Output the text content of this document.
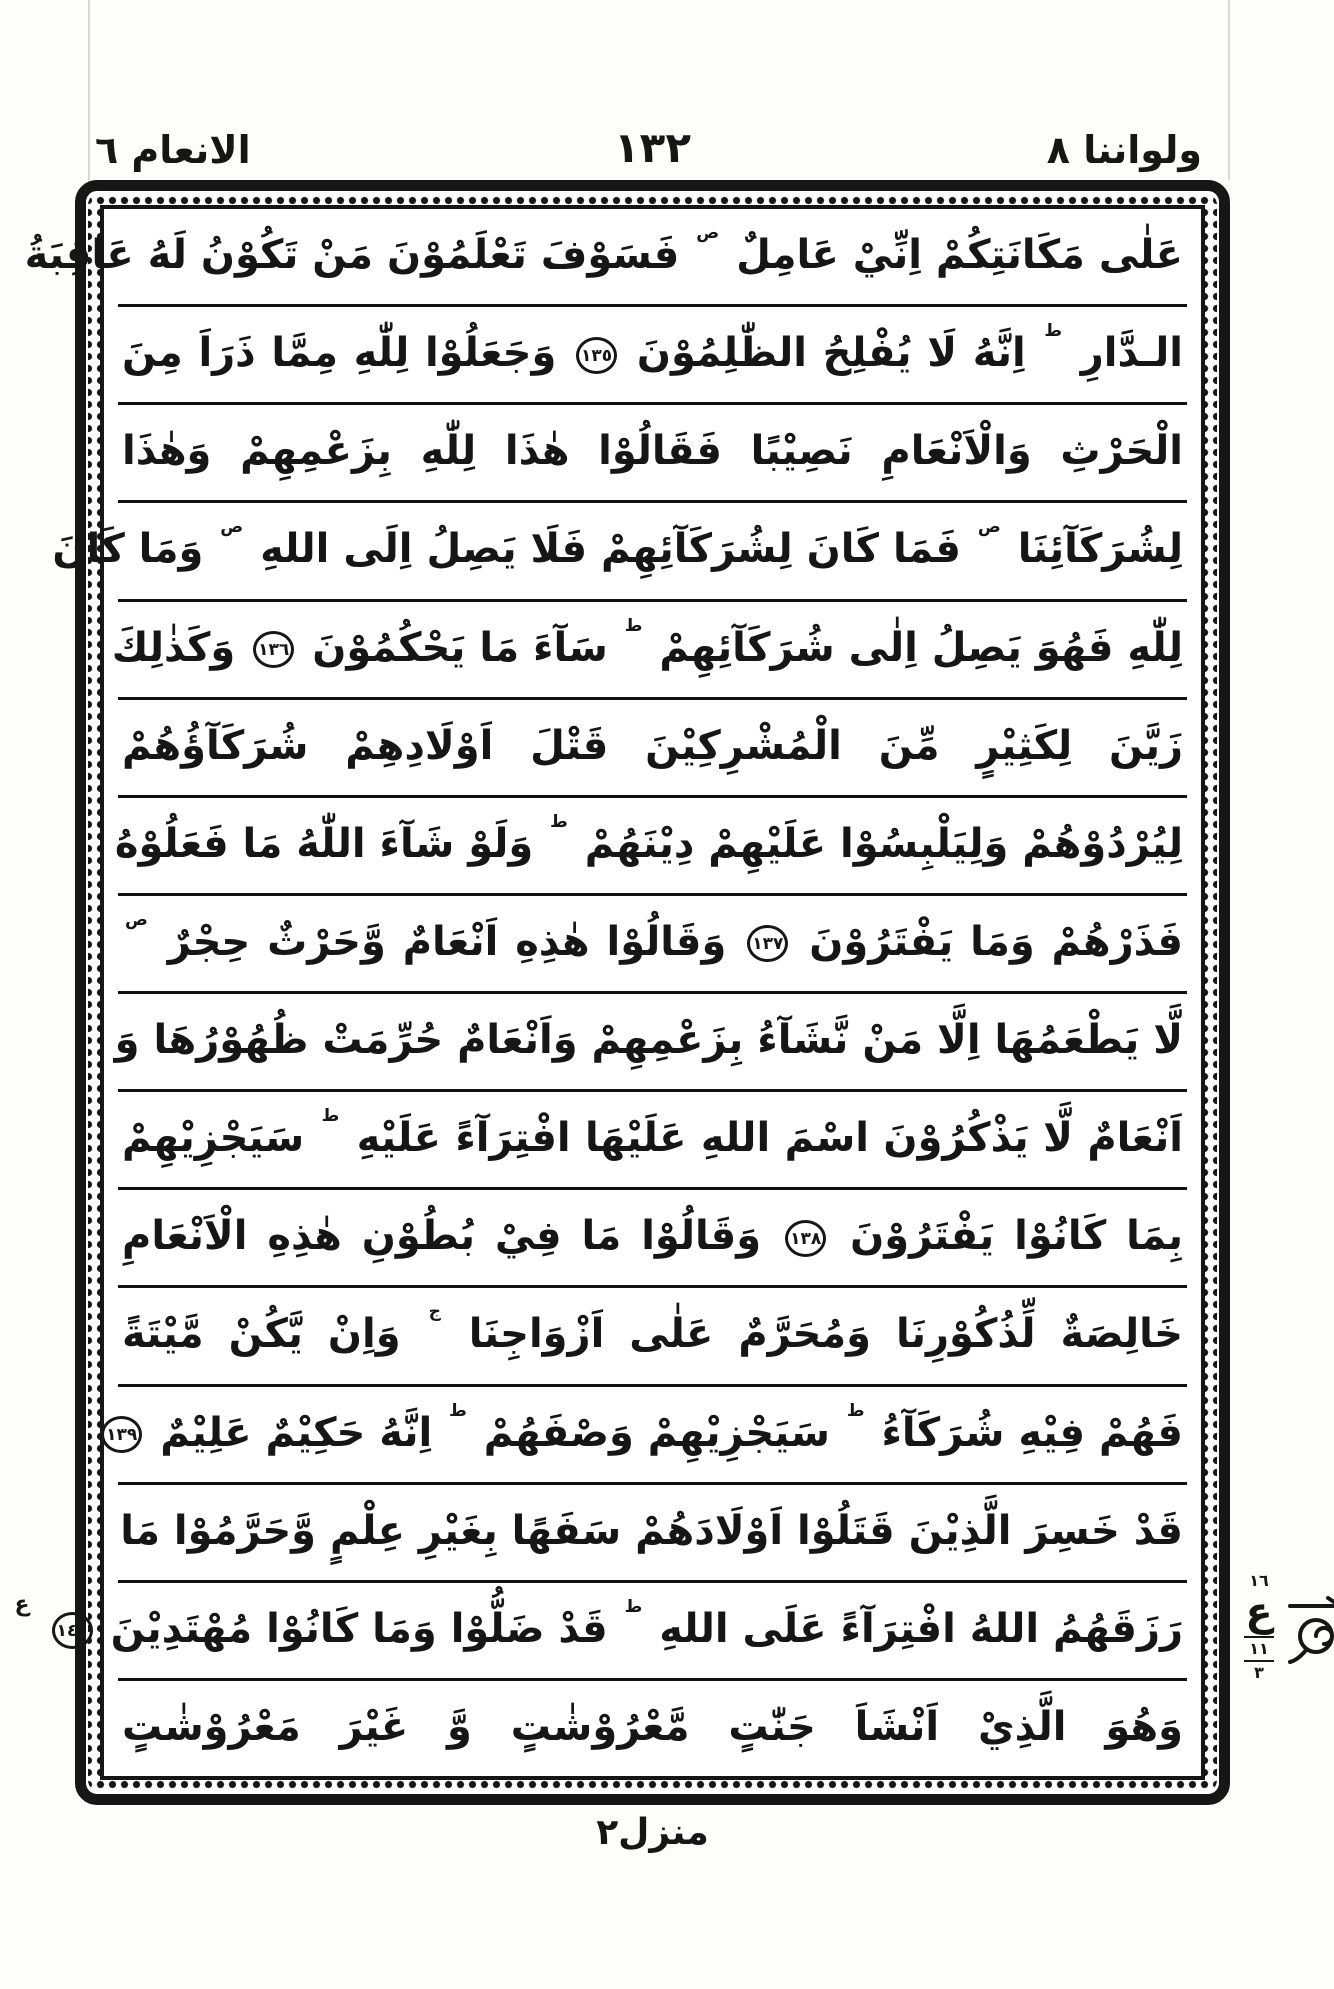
ولواننا ٨
١٣٢
الانعام ٦
عَلٰى مَكَانَتِكُمْ اِنِّيْ عَامِلٌ ص فَسَوْفَ تَعْلَمُوْنَ مَنْ تَكُوْنُ لَهُ عَاقِبَةُ
الـدَّارِ ط اِنَّهُ لَا يُفْلِحُ الظّٰلِمُوْنَ ١٣٥ وَجَعَلُوْا لِلّٰهِ مِمَّا ذَرَاَ مِنَ
الْحَرْثِ وَالْاَنْعَامِ نَصِيْبًا فَقَالُوْا هٰذَا لِلّٰهِ بِزَعْمِهِمْ وَهٰذَا
لِشُرَكَآئِنَا ص فَمَا كَانَ لِشُرَكَآئِهِمْ فَلَا يَصِلُ اِلَى اللهِ ص وَمَا كَانَ
لِلّٰهِ فَهُوَ يَصِلُ اِلٰى شُرَكَآئِهِمْ ط سَآءَ مَا يَحْكُمُوْنَ ١٣٦ وَكَذٰلِكَ
زَيَّنَ لِكَثِيْرٍ مِّنَ الْمُشْرِكِيْنَ قَتْلَ اَوْلَادِهِمْ شُرَكَآؤُهُمْ
لِيُرْدُوْهُمْ وَلِيَلْبِسُوْا عَلَيْهِمْ دِيْنَهُمْ ط وَلَوْ شَآءَ اللّٰهُ مَا فَعَلُوْهُ
فَذَرْهُمْ وَمَا يَفْتَرُوْنَ ١٣٧ وَقَالُوْا هٰذِهِ اَنْعَامٌ وَّحَرْثٌ حِجْرٌ ص
لَّا يَطْعَمُهَا اِلَّا مَنْ نَّشَآءُ بِزَعْمِهِمْ وَاَنْعَامٌ حُرِّمَتْ ظُهُوْرُهَا وَ
اَنْعَامٌ لَّا يَذْكُرُوْنَ اسْمَ اللهِ عَلَيْهَا افْتِرَآءً عَلَيْهِ ط سَيَجْزِيْهِمْ
بِمَا كَانُوْا يَفْتَرُوْنَ ١٣٨ وَقَالُوْا مَا فِيْ بُطُوْنِ هٰذِهِ الْاَنْعَامِ
خَالِصَةٌ لِّذُكُوْرِنَا وَمُحَرَّمٌ عَلٰى اَزْوَاجِنَا ج وَاِنْ يَّكُنْ مَّيْتَةً
فَهُمْ فِيْهِ شُرَكَآءُ ط سَيَجْزِيْهِمْ وَصْفَهُمْ ط اِنَّهُ حَكِيْمٌ عَلِيْمٌ ١٣٩
قَدْ خَسِرَ الَّذِيْنَ قَتَلُوْا اَوْلَادَهُمْ سَفَهًا بِغَيْرِ عِلْمٍ وَّحَرَّمُوْا مَا
رَزَقَهُمُ اللهُ افْتِرَآءً عَلَى اللهِ ط قَدْ ضَلُّوْا وَمَا كَانُوْا مُهْتَدِيْنَ ١٤٠ ع
وَهُوَ الَّذِيْ اَنْشَاَ جَنّٰتٍ مَّعْرُوْشٰتٍ وَّ غَيْرَ مَعْرُوْشٰتٍ
١٦
ع
١١
٣
منزل٢
